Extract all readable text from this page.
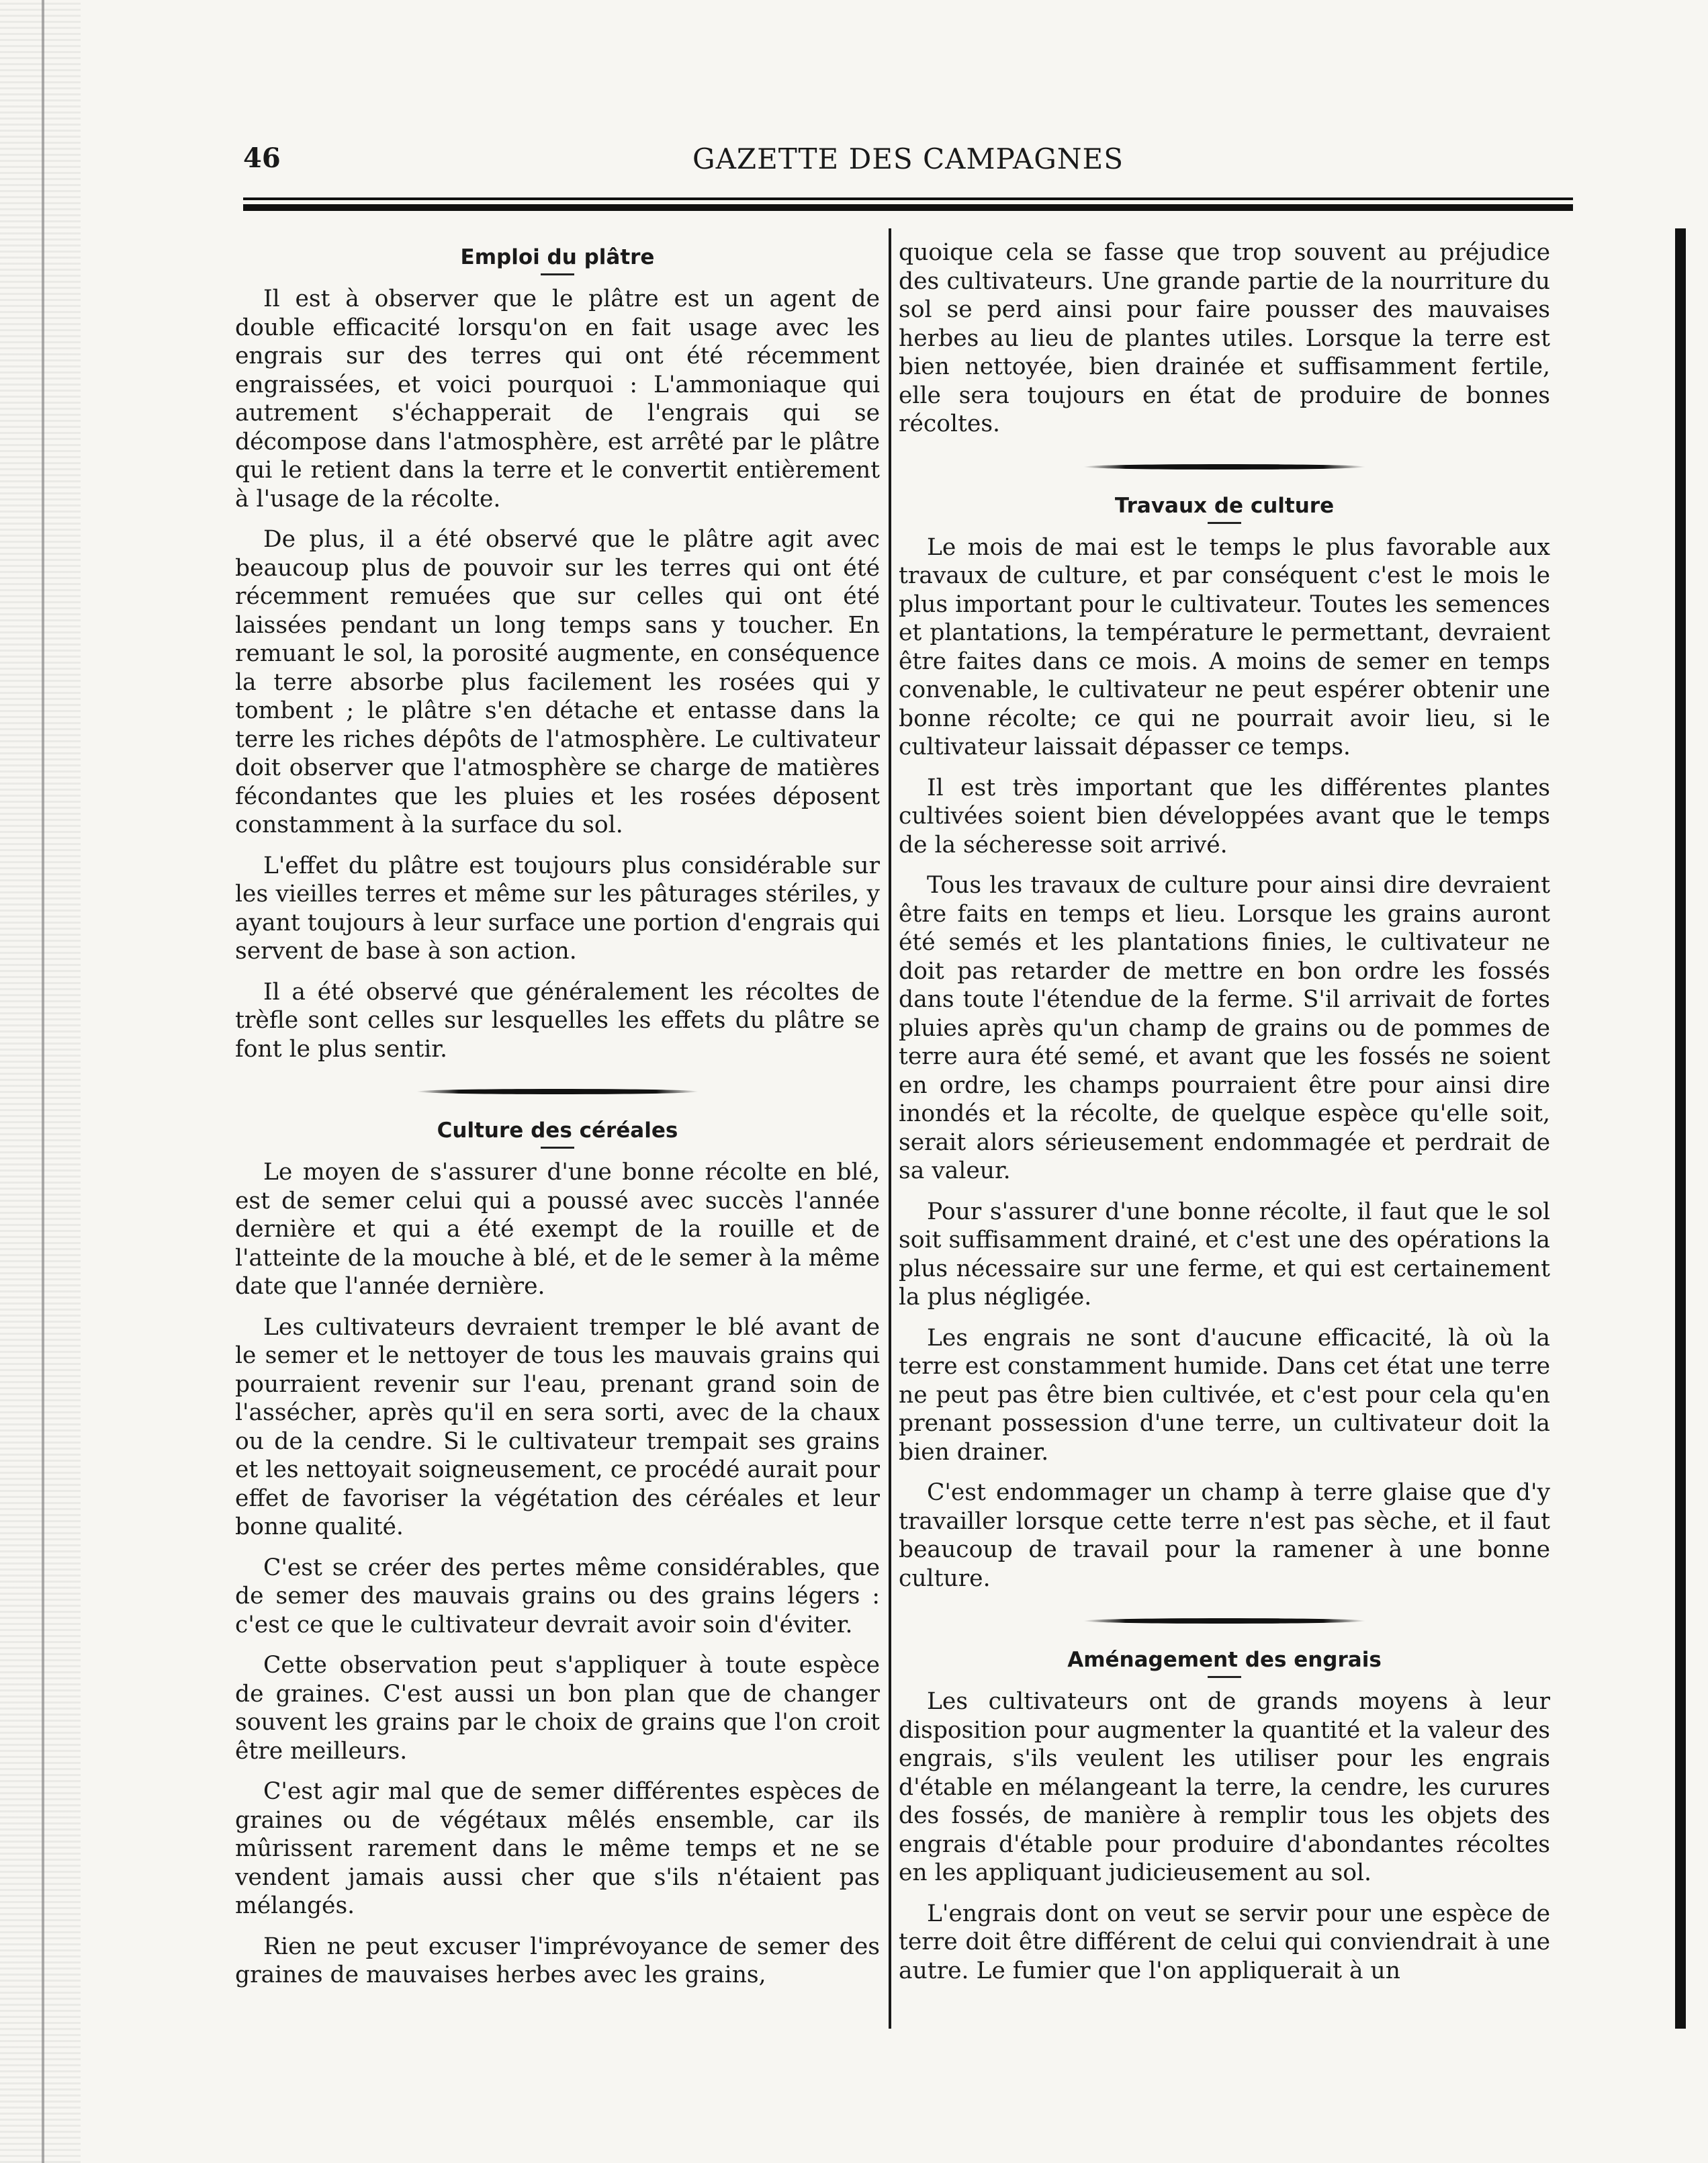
46	GAZETTE DES CAMPAGNES
Emploi du plâtre

Il est à observer que le plâtre est un agent de double efficacité lorsqu'on en fait usage avec les engrais sur des terres qui ont été récemment engraissées, et voici pourquoi : L'ammoniaque qui autrement s'échapperait de l'engrais qui se décompose dans l'atmosphère, est arrêté par le plâtre qui le retient dans la terre et le convertit entièrement à l'usage de la récolte.

De plus, il a été observé que le plâtre agit avec beaucoup plus de pouvoir sur les terres qui ont été récemment remuées que sur celles qui ont été laissées pendant un long temps sans y toucher. En remuant le sol, la porosité augmente, en conséquence la terre absorbe plus facilement les rosées qui y tombent ; le plâtre s'en détache et entasse dans la terre les riches dépôts de l'atmosphère. Le cultivateur doit observer que l'atmosphère se charge de matières fécondantes que les pluies et les rosées déposent constamment à la surface du sol.

L'effet du plâtre est toujours plus considérable sur les vieilles terres et même sur les pâturages stériles, y ayant toujours à leur surface une portion d'engrais qui servent de base à son action.

Il a été observé que généralement les récoltes de trèfle sont celles sur lesquelles les effets du plâtre se font le plus sentir.

Culture des céréales

Le moyen de s'assurer d'une bonne récolte en blé, est de semer celui qui a poussé avec succès l'année dernière et qui a été exempt de la rouille et de l'atteinte de la mouche à blé, et de le semer à la même date que l'année dernière.

Les cultivateurs devraient tremper le blé avant de le semer et le nettoyer de tous les mauvais grains qui pourraient revenir sur l'eau, prenant grand soin de l'assécher, après qu'il en sera sorti, avec de la chaux ou de la cendre. Si le cultivateur trempait ses grains et les nettoyait soigneusement, ce procédé aurait pour effet de favoriser la végétation des céréales et leur bonne qualité.

C'est se créer des pertes même considérables, que de semer des mauvais grains ou des grains légers : c'est ce que le cultivateur devrait avoir soin d'éviter.

Cette observation peut s'appliquer à toute espèce de graines. C'est aussi un bon plan que de changer souvent les grains par le choix de grains que l'on croit être meilleurs.

C'est agir mal que de semer différentes espèces de graines ou de végétaux mêlés ensemble, car ils mûrissent rarement dans le même temps et ne se vendent jamais aussi cher que s'ils n'étaient pas mélangés.

Rien ne peut excuser l'imprévoyance de semer des graines de mauvaises herbes avec les grains,

quoique cela se fasse que trop souvent au préjudice des cultivateurs. Une grande partie de la nourriture du sol se perd ainsi pour faire pousser des mauvaises herbes au lieu de plantes utiles. Lorsque la terre est bien nettoyée, bien drainée et suffisamment fertile, elle sera toujours en état de produire de bonnes récoltes.

Travaux de culture

Le mois de mai est le temps le plus favorable aux travaux de culture, et par conséquent c'est le mois le plus important pour le cultivateur. Toutes les semences et plantations, la température le permettant, devraient être faites dans ce mois. A moins de semer en temps convenable, le cultivateur ne peut espérer obtenir une bonne récolte; ce qui ne pourrait avoir lieu, si le cultivateur laissait dépasser ce temps.

Il est très important que les différentes plantes cultivées soient bien développées avant que le temps de la sécheresse soit arrivé.

Tous les travaux de culture pour ainsi dire devraient être faits en temps et lieu. Lorsque les grains auront été semés et les plantations finies, le cultivateur ne doit pas retarder de mettre en bon ordre les fossés dans toute l'étendue de la ferme. S'il arrivait de fortes pluies après qu'un champ de grains ou de pommes de terre aura été semé, et avant que les fossés ne soient en ordre, les champs pourraient être pour ainsi dire inondés et la récolte, de quelque espèce qu'elle soit, serait alors sérieusement endommagée et perdrait de sa valeur.

Pour s'assurer d'une bonne récolte, il faut que le sol soit suffisamment drainé, et c'est une des opérations la plus nécessaire sur une ferme, et qui est certainement la plus négligée.

Les engrais ne sont d'aucune efficacité, là où la terre est constamment humide. Dans cet état une terre ne peut pas être bien cultivée, et c'est pour cela qu'en prenant possession d'une terre, un cultivateur doit la bien drainer.

C'est endommager un champ à terre glaise que d'y travailler lorsque cette terre n'est pas sèche, et il faut beaucoup de travail pour la ramener à une bonne culture.

Aménagement des engrais

Les cultivateurs ont de grands moyens à leur disposition pour augmenter la quantité et la valeur des engrais, s'ils veulent les utiliser pour les engrais d'étable en mélangeant la terre, la cendre, les curures des fossés, de manière à remplir tous les objets des engrais d'étable pour produire d'abondantes récoltes en les appliquant judicieusement au sol.

L'engrais dont on veut se servir pour une espèce de terre doit être différent de celui qui conviendrait à une autre. Le fumier que l'on appliquerait à un
